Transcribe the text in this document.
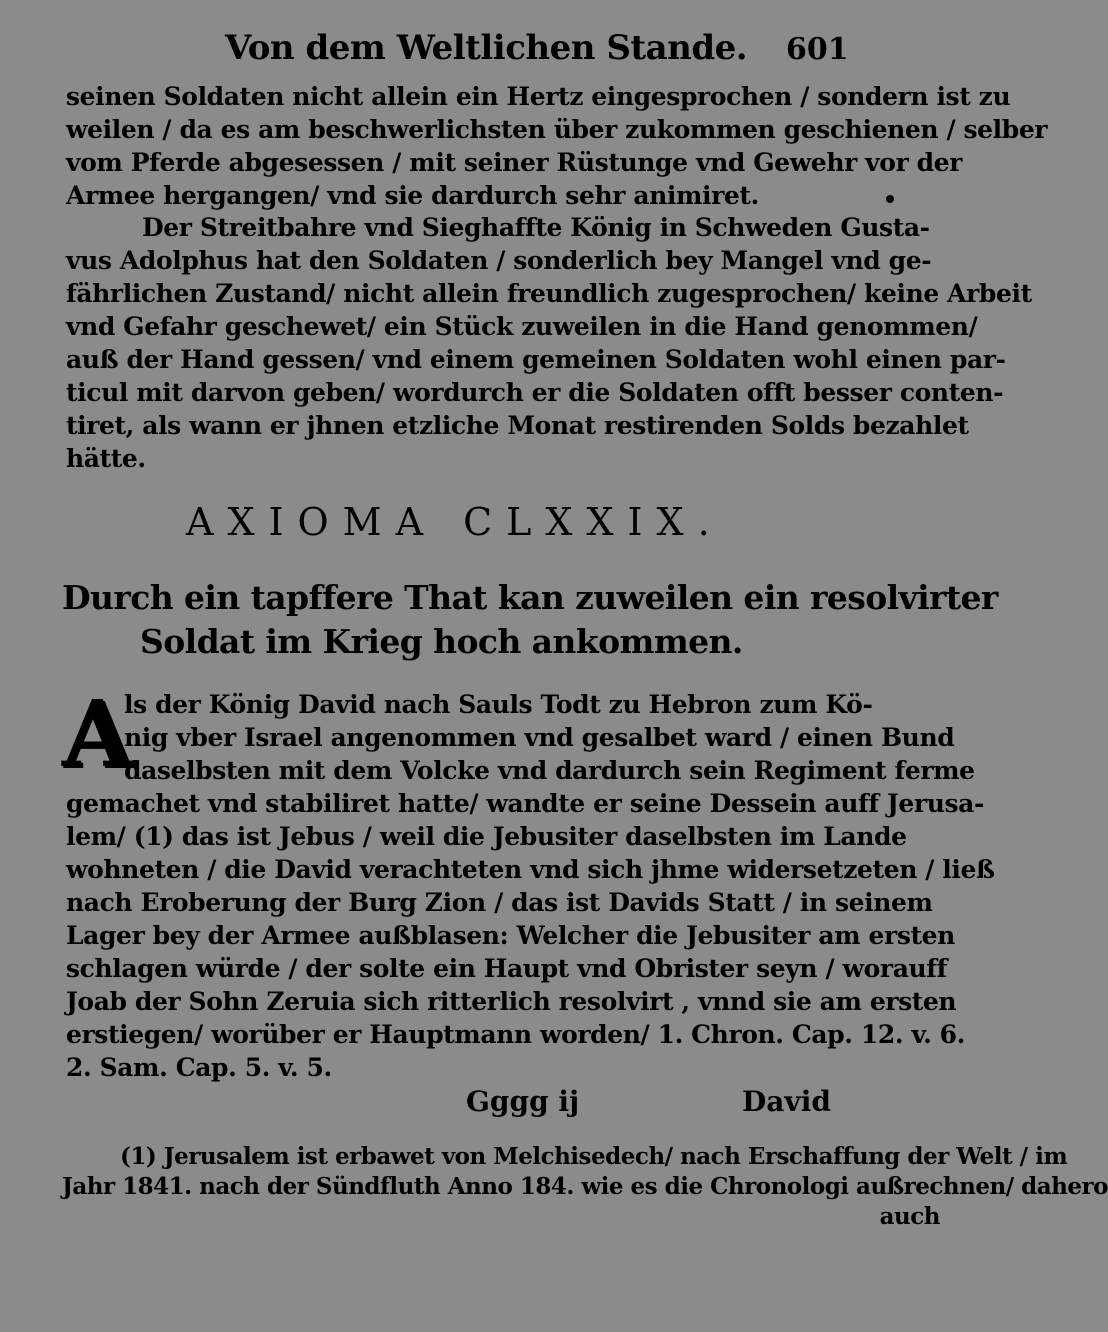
Von dem Weltlichen Stande. 601
seinen Soldaten nicht allein ein Hertz eingesprochen / sondern ist zu
weilen / da es am beschwerlichsten über zukommen geschienen / selber
vom Pferde abgesessen / mit seiner Rüstunge vnd Gewehr vor der
Armee hergangen/ vnd sie dardurch sehr animiret.
Der Streitbahre vnd Sieghaffte König in Schweden Gusta-
vus Adolphus hat den Soldaten / sonderlich bey Mangel vnd ge-
fährlichen Zustand/ nicht allein freundlich zugesprochen/ keine Arbeit
vnd Gefahr geschewet/ ein Stück zuweilen in die Hand genommen/
auß der Hand gessen/ vnd einem gemeinen Soldaten wohl einen par-
ticul mit darvon geben/ wordurch er die Soldaten offt besser conten-
tiret, als wann er jhnen etzliche Monat restirenden Solds bezahlet
hätte.
AXIOMA CLXXIX.
Durch ein tapffere That kan zuweilen ein resolvirter
Soldat im Krieg hoch ankommen.
A
ls der König David nach Sauls Todt zu Hebron zum Kö-
nig vber Israel angenommen vnd gesalbet ward / einen Bund
daselbsten mit dem Volcke vnd dardurch sein Regiment ferme
gemachet vnd stabiliret hatte/ wandte er seine Dessein auff Jerusa-
lem/ (1) das ist Jebus / weil die Jebusiter daselbsten im Lande
wohneten / die David verachteten vnd sich jhme widersetzeten / ließ
nach Eroberung der Burg Zion / das ist Davids Statt / in seinem
Lager bey der Armee außblasen: Welcher die Jebusiter am ersten
schlagen würde / der solte ein Haupt vnd Obrister seyn / worauff
Joab der Sohn Zeruia sich ritterlich resolvirt , vnnd sie am ersten
erstiegen/ worüber er Hauptmann worden/ 1. Chron. Cap. 12. v. 6.
2. Sam. Cap. 5. v. 5.
Gggg ij	David
(1) Jerusalem ist erbawet von Melchisedech/ nach Erschaffung der Welt / im
Jahr 1841. nach der Sündfluth Anno 184. wie es die Chronologi außrechnen/ dahero
auch
